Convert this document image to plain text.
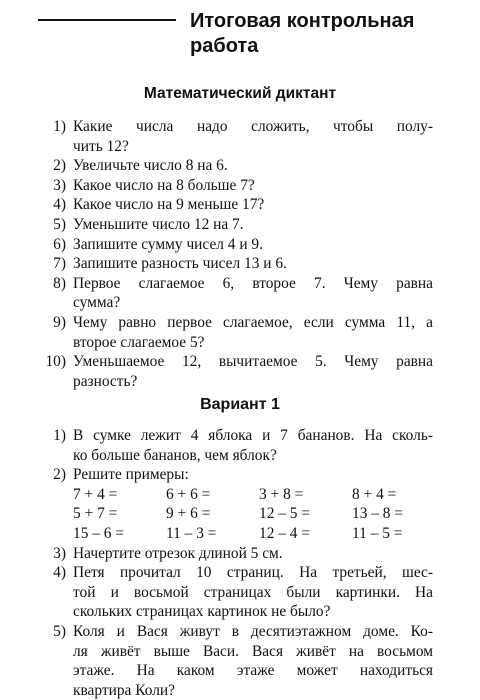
Итоговая контрольная
работа
Математический диктант
1) Какие числа надо сложить, чтобы полу-
чить 12?
2) Увеличьте число 8 на 6.
3) Какое число на 8 больше 7?
4) Какое число на 9 меньше 17?
5) Уменьшите число 12 на 7.
6) Запишите сумму чисел 4 и 9.
7) Запишите разность чисел 13 и 6.
8) Первое слагаемое 6, второе 7. Чему равна
сумма?
9) Чему равно первое слагаемое, если сумма 11, а
второе слагаемое 5?
10) Уменьшаемое 12, вычитаемое 5. Чему равна
разность?
Вариант 1
1) В сумке лежит 4 яблока и 7 бананов. На сколь-
ко больше бананов, чем яблок?
2) Решите примеры:
7 + 4 =	6 + 6 =	3 + 8 =	8 + 4 =
5 + 7 =	9 + 6 =	12 – 5 =	13 – 8 =
15 – 6 =	11 – 3 =	12 – 4 =	11 – 5 =
3) Начертите отрезок длиной 5 см.
4) Петя прочитал 10 страниц. На третьей, шес-
той и восьмой страницах были картинки. На
скольких страницах картинок не было?
5) Коля и Вася живут в десятиэтажном доме. Ко-
ля живёт выше Васи. Вася живёт на восьмом
этаже. На каком этаже может находиться
квартира Коли?
